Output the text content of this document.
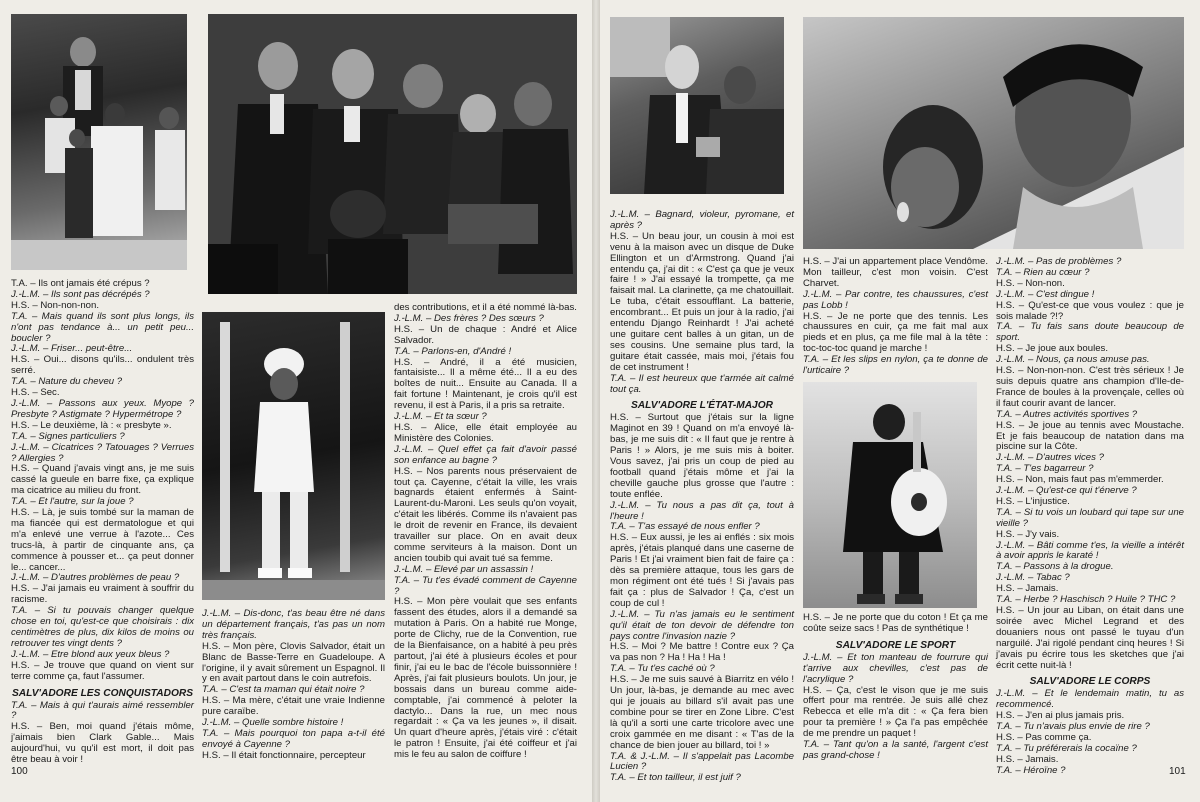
T.A. – Ils ont jamais été crépus ?

J.-L.M. – Ils sont pas décrépés ?

H.S. – Non-non-non.

T.A. – Mais quand ils sont plus longs, ils n'ont pas tendance à... un petit peu... boucler ?

J.-L.M. – Friser... peut-être...

H.S. – Oui... disons qu'ils... ondulent très serré.

T.A. – Nature du cheveu ?

H.S. – Sec.

J.-L.M. – Passons aux yeux. Myope ? Presbyte ? Astigmate ? Hypermétrope ?

H.S. – Le deuxième, là : « presbyte ».

T.A. – Signes particuliers ?

J.-L.M. – Cicatrices ? Tatouages ? Verrues ? Allergies ?

H.S. – Quand j'avais vingt ans, je me suis cassé la gueule en barre fixe, ça explique ma cicatrice au milieu du front.

T.A. – Et l'autre, sur la joue ?

H.S. – Là, je suis tombé sur la maman de ma fiancée qui est dermatologue et qui m'a enlevé une verrue à l'azote... Ces trucs-là, à partir de cinquante ans, ça commence à pousser et... ça peut donner le... cancer...

J.-L.M. – D'autres problèmes de peau ?

H.S. – J'ai jamais eu vraiment à souffrir du racisme.

T.A. – Si tu pouvais changer quelque chose en toi, qu'est-ce que choisirais : dix centimètres de plus, dix kilos de moins ou retrouver tes vingt dents ?

J.-L.M. – Etre blond aux yeux bleus ?

H.S. – Je trouve que quand on vient sur terre comme ça, faut l'assumer.

SALV'ADORE LES CONQUISTADORS

T.A. – Mais à qui t'aurais aimé ressembler ?

H.S. – Ben, moi quand j'étais môme, j'aimais bien Clark Gable... Mais aujourd'hui, vu qu'il est mort, il doit pas être beau à voir !

J.-L.M. – Dis-donc, t'as beau être né dans un département français, t'as pas un nom très français.

H.S. – Mon père, Clovis Salvador, était un Blanc de Basse-Terre en Guadeloupe. A l'origine, il y avait sûrement un Espagnol. Il y en avait partout dans le coin autrefois.

T.A. – C'est ta maman qui était noire ?

H.S. – Ma mère, c'était une vraie Indienne pure caraïbe.

J.-L.M. – Quelle sombre histoire !

T.A. – Mais pourquoi ton papa a-t-il été envoyé à Cayenne ?

H.S. – Il était fonctionnaire, percepteur

des contributions, et il a été nommé là-bas.

J.-L.M. – Des frères ? Des sœurs ?

H.S. – Un de chaque : André et Alice Salvador.

T.A. – Parlons-en, d'André !

H.S. – André, il a été musicien, fantaisiste... Il a même été... Il a eu des boîtes de nuit... Ensuite au Canada. Il a fait fortune ! Maintenant, je crois qu'il est revenu, il est à Paris, il a pris sa retraite.

J.-L.M. – Et ta sœur ?

H.S. – Alice, elle était employée au Ministère des Colonies.

J.-L.M. – Quel effet ça fait d'avoir passé son enfance au bagne ?

H.S. – Nos parents nous préservaient de tout ça. Cayenne, c'était la ville, les vrais bagnards étaient enfermés à Saint-Laurent-du-Maroni. Les seuls qu'on voyait, c'était les libérés. Comme ils n'avaient pas le droit de revenir en France, ils devaient travailler sur place. On en avait deux comme serviteurs à la maison. Dont un ancien toubib qui avait tué sa femme.

J.-L.M. – Elevé par un assassin !

T.A. – Tu t'es évadé comment de Cayenne ?

H.S. – Mon père voulait que ses enfants fassent des études, alors il a demandé sa mutation à Paris. On a habité rue Monge, porte de Clichy, rue de la Convention, rue de la Bienfaisance, on a habité à peu près partout, j'ai été à plusieurs écoles et pour finir, j'ai eu le bac de l'école buissonnière ! Après, j'ai fait plusieurs boulots. Un jour, je bossais dans un bureau comme aide-comptable, j'ai commencé à peloter la dactylo... Dans la rue, un mec nous regardait : « Ça va les jeunes », il disait. Un quart d'heure après, j'étais viré : c'était le patron ! Ensuite, j'ai été coiffeur et j'ai mis le feu au salon de coiffure !

100

J.-L.M. – Bagnard, violeur, pyromane, et après ?

H.S. – Un beau jour, un cousin à moi est venu à la maison avec un disque de Duke Ellington et un d'Armstrong. Quand j'ai entendu ça, j'ai dit : « C'est ça que je veux faire ! » J'ai essayé la trompette, ça me faisait mal. La clarinette, ça me chatouillait. Le tuba, c'était essoufflant. La batterie, encombrant... Et puis un jour à la radio, j'ai entendu Django Reinhardt ! J'ai acheté une guitare cent balles à un gitan, un de ses cousins. Une semaine plus tard, la guitare était cassée, mais moi, j'étais fou de cet instrument !

T.A. – Il est heureux que t'armée ait calmé tout ça.

SALV'ADORE L'ÉTAT-MAJOR

H.S. – Surtout que j'étais sur la ligne Maginot en 39 ! Quand on m'a envoyé là-bas, je me suis dit : « Il faut que je rentre à Paris ! » Alors, je me suis mis à boiter. Vous savez, j'ai pris un coup de pied au football quand j'étais môme et j'ai la cheville gauche plus grosse que l'autre : toute enflée.

J.-L.M. – Tu nous a pas dit ça, tout à l'heure !

T.A. – T'as essayé de nous enfler ?

H.S. – Eux aussi, je les ai enflés : six mois après, j'étais planqué dans une caserne de Paris ! Et j'ai vraiment bien fait de faire ça : dès sa première attaque, tous les gars de mon régiment ont été tués ! Si j'avais pas fait ça : plus de Salvador ! Ça, c'est un coup de cul !

J.-L.M. – Tu n'as jamais eu le sentiment qu'il était de ton devoir de défendre ton pays contre l'invasion nazie ?

H.S. – Moi ? Me battre ! Contre eux ? Ça va pas non ? Ha ! Ha ! Ha !

T.A. – Tu t'es caché où ?

H.S. – Je me suis sauvé à Biarritz en vélo ! Un jour, là-bas, je demande au mec avec qui je jouais au billard s'il avait pas une combine pour se tirer en Zone Libre. C'est là qu'il a sorti une carte tricolore avec une croix gammée en me disant : « T'as de la chance de bien jouer au billard, toi ! »

T.A. & J.-L.M. – Il s'appelait pas Lacombe Lucien ?

T.A. – Et ton tailleur, il est juif ?

H.S. – J'ai un appartement place Vendôme. Mon tailleur, c'est mon voisin. C'est Charvet.

J.-L.M. – Par contre, tes chaussures, c'est pas Lobb !

H.S. – Je ne porte que des tennis. Les chaussures en cuir, ça me fait mal aux pieds et en plus, ça me file mal à la tête : toc-toc-toc quand je marche !

T.A. – Et les slips en nylon, ça te donne de l'urticaire ?

H.S. – Je ne porte que du coton ! Et ça me coûte seize sacs ! Pas de synthétique !

SALV'ADORE LE SPORT

J.-L.M. – Et ton manteau de fourrure qui t'arrive aux chevilles, c'est pas de l'acrylique ?

H.S. – Ça, c'est le vison que je me suis offert pour ma rentrée. Je suis allé chez Rebecca et elle m'a dit : « Ça fera bien pour ta première ! » Ça l'a pas empêchée de me prendre un paquet !

T.A. – Tant qu'on a la santé, l'argent c'est pas grand-chose !

J.-L.M. – Pas de problèmes ?

T.A. – Rien au cœur ?

H.S. – Non-non.

J.-L.M. – C'est dingue !

H.S. – Qu'est-ce que vous voulez : que je sois malade ?!?

T.A. – Tu fais sans doute beaucoup de sport.

H.S. – Je joue aux boules.

J.-L.M. – Nous, ça nous amuse pas.

H.S. – Non-non-non. C'est très sérieux ! Je suis depuis quatre ans champion d'Ile-de-France de boules à la provençale, celles où il faut courir avant de lancer.

T.A. – Autres activités sportives ?

H.S. – Je joue au tennis avec Moustache. Et je fais beaucoup de natation dans ma piscine sur la Côte.

J.-L.M. – D'autres vices ?

T.A. – T'es bagarreur ?

H.S. – Non, mais faut pas m'emmerder.

J.-L.M. – Qu'est-ce qui t'énerve ?

H.S. – L'injustice.

T.A. – Si tu vois un loubard qui tape sur une vieille ?

H.S. – J'y vais.

J.-L.M. – Bâti comme t'es, la vieille a intérêt à avoir appris le karaté !

T.A. – Passons à la drogue.

J.-L.M. – Tabac ?

H.S. – Jamais.

T.A. – Herbe ? Haschisch ? Huile ? THC ?

H.S. – Un jour au Liban, on était dans une soirée avec Michel Legrand et des douaniers nous ont passé le tuyau d'un narguilé. J'ai rigolé pendant cinq heures ! Si j'avais pu écrire tous les sketches que j'ai écrit cette nuit-là !

SALV'ADORE LE CORPS

J.-L.M. – Et le lendemain matin, tu as recommencé.

H.S. – J'en ai plus jamais pris.

T.A. – Tu n'avais plus envie de rire ?

H.S. – Pas comme ça.

T.A. – Tu préférerais la cocaïne ?

H.S. – Jamais.

T.A. – Héroïne ?	101
